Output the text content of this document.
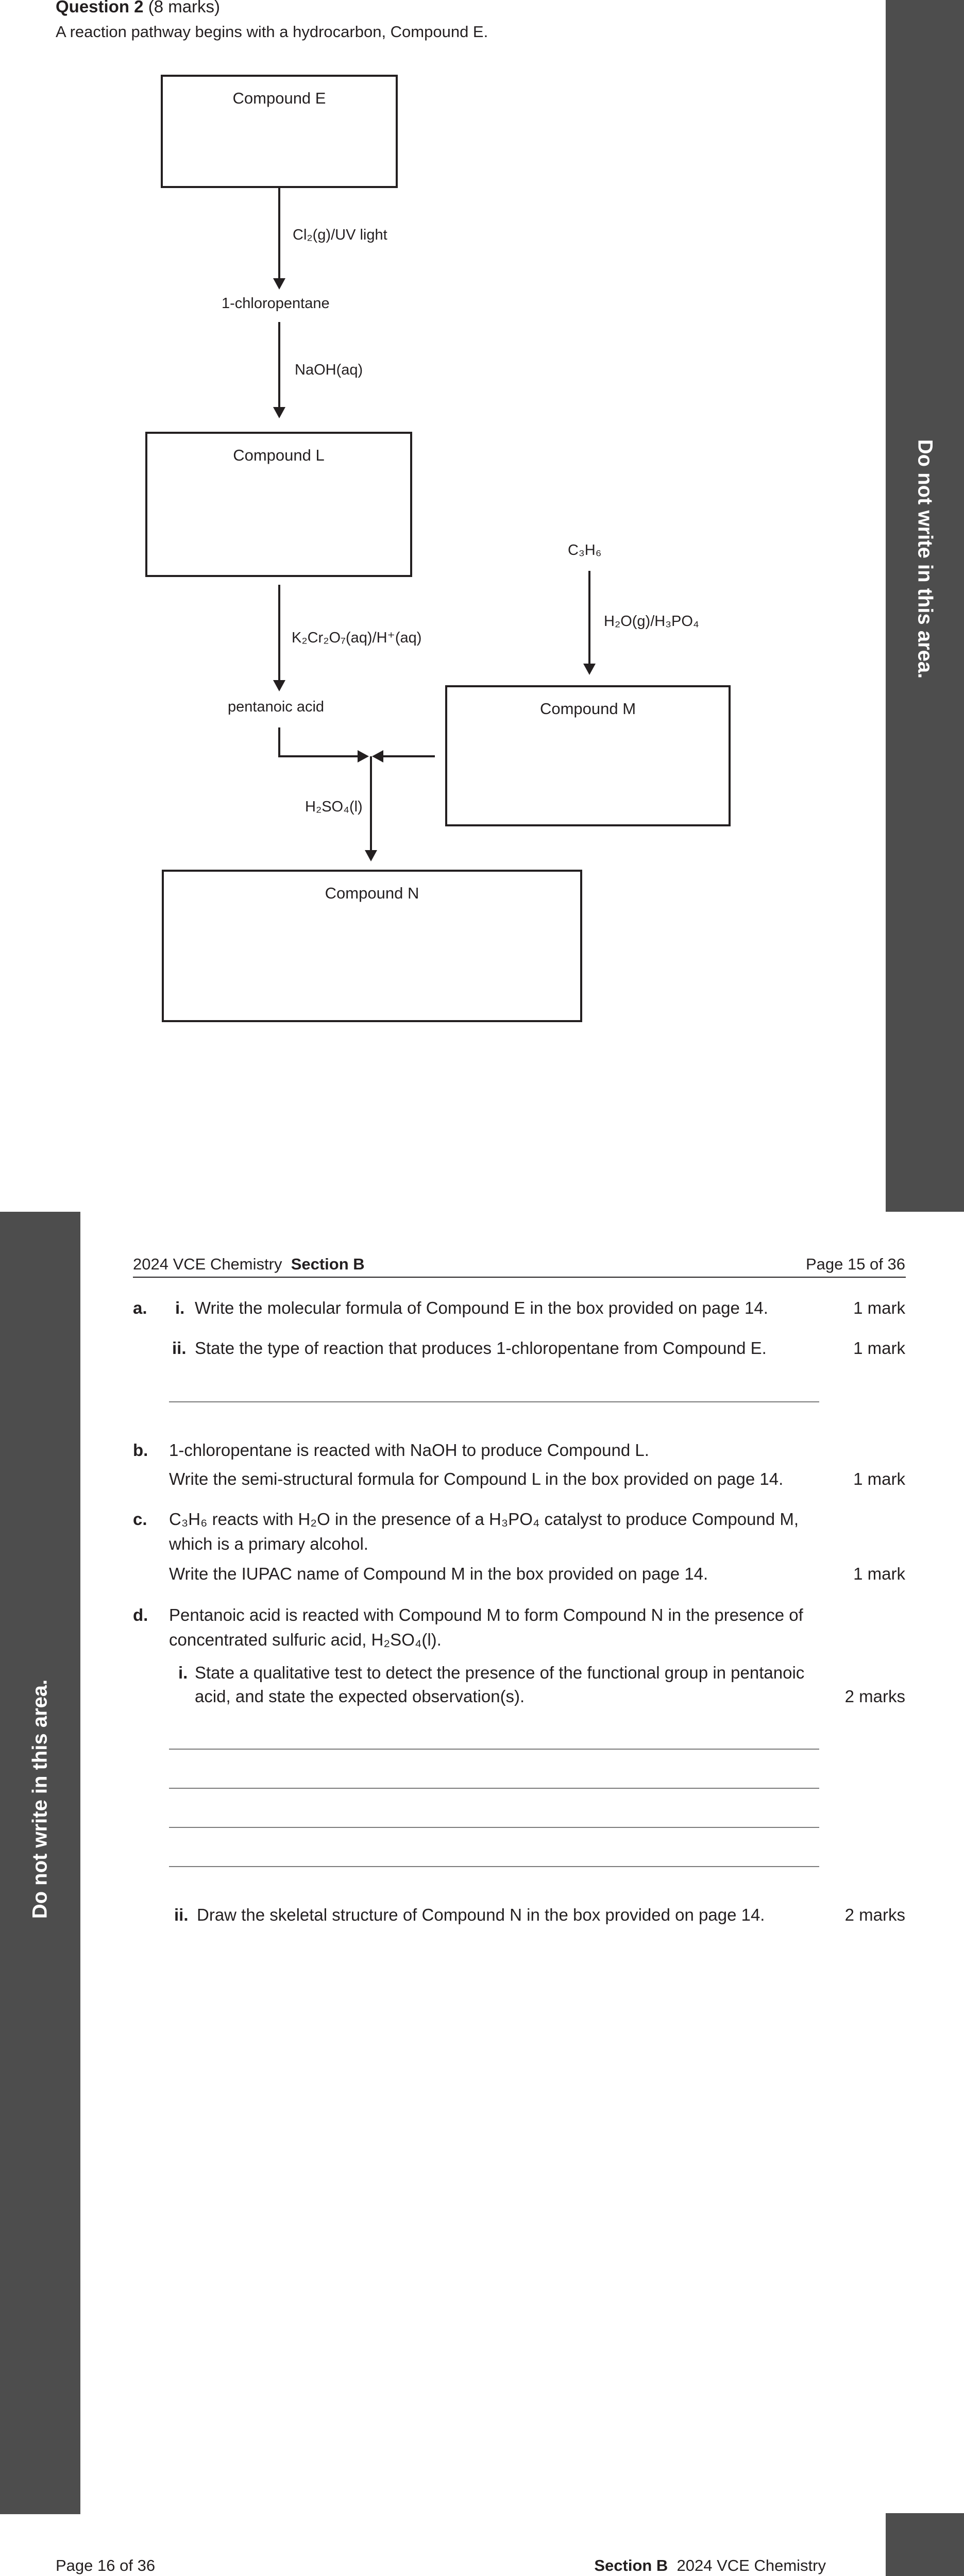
Question 2 (8 marks)
A reaction pathway begins with a hydrocarbon, Compound E.
Do not write in this area.
Compound E
Cl₂(g)/UV light
1-chloropentane
NaOH(aq)
Compound L
K₂Cr₂O₇(aq)/H⁺(aq)
pentanoic acid
C₃H₆
H₂O(g)/H₃PO₄
Compound M
H₂SO₄(l)
Compound N
Do not write in this area.
2024 VCE Chemistry Section B	Page 15 of 36
a. i. Write the molecular formula of Compound E in the box provided on page 14.	1 mark
ii. State the type of reaction that produces 1-chloropentane from Compound E.	1 mark
b. 1-chloropentane is reacted with NaOH to produce Compound L.
Write the semi-structural formula for Compound L in the box provided on page 14.	1 mark
c. C₃H₆ reacts with H₂O in the presence of a H₃PO₄ catalyst to produce Compound M,
which is a primary alcohol.
Write the IUPAC name of Compound M in the box provided on page 14.	1 mark
d. Pentanoic acid is reacted with Compound M to form Compound N in the presence of
concentrated sulfuric acid, H₂SO₄(l).
i. State a qualitative test to detect the presence of the functional group in pentanoic
acid, and state the expected observation(s).	2 marks
ii. Draw the skeletal structure of Compound N in the box provided on page 14.	2 marks
Page 16 of 36	Section B 2024 VCE Chemistry
